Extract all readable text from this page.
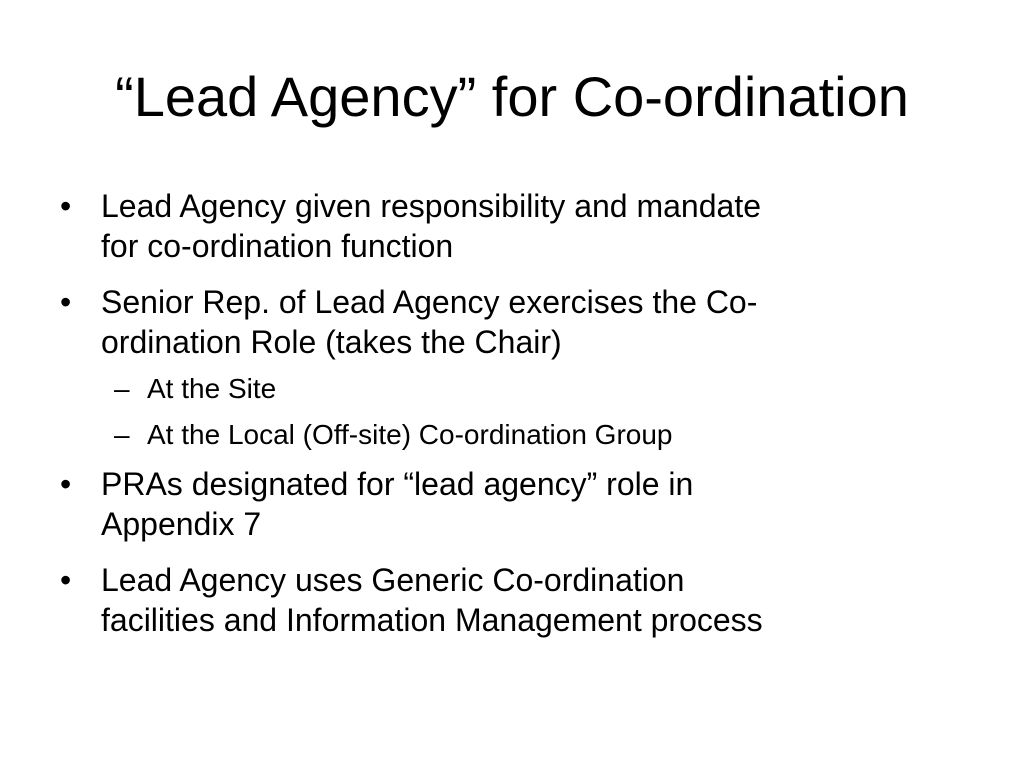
“Lead Agency” for Co-ordination
• Lead Agency given responsibility and mandate
for co-ordination function
• Senior Rep. of Lead Agency exercises the Co-
ordination Role (takes the Chair)
– At the Site
– At the Local (Off-site) Co-ordination Group
• PRAs designated for “lead agency” role in
Appendix 7
• Lead Agency uses Generic Co-ordination
facilities and Information Management process
